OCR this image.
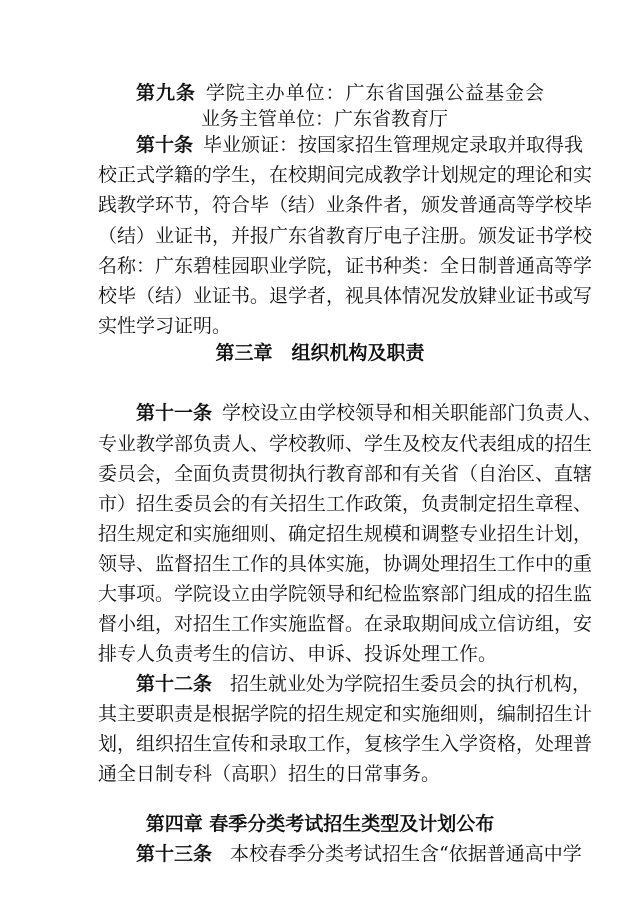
第九条 学院主办单位：广东省国强公益基金会
业务主管单位：广东省教育厅
第十条 毕业颁证：按国家招生管理规定录取并取得我
校正式学籍的学生，在校期间完成教学计划规定的理论和实
践教学环节，符合毕（结）业条件者，颁发普通高等学校毕
（结）业证书，并报广东省教育厅电子注册。颁发证书学校
名称：广东碧桂园职业学院，证书种类：全日制普通高等学
校毕（结）业证书。退学者，视具体情况发放肄业证书或写
实性学习证明。
第三章　组织机构及职责
第十一条 学校设立由学校领导和相关职能部门负责人、
专业教学部负责人、学校教师、学生及校友代表组成的招生
委员会，全面负责贯彻执行教育部和有关省（自治区、直辖
市）招生委员会的有关招生工作政策，负责制定招生章程、
招生规定和实施细则、确定招生规模和调整专业招生计划，
领导、监督招生工作的具体实施，协调处理招生工作中的重
大事项。学院设立由学院领导和纪检监察部门组成的招生监
督小组，对招生工作实施监督。在录取期间成立信访组，安
排专人负责考生的信访、申诉、投诉处理工作。
第十二条 招生就业处为学院招生委员会的执行机构，
其主要职责是根据学院的招生规定和实施细则，编制招生计
划，组织招生宣传和录取工作，复核学生入学资格，处理普
通全日制专科（高职）招生的日常事务。
第四章 春季分类考试招生类型及计划公布
第十三条 本校春季分类考试招生含“依据普通高中学
